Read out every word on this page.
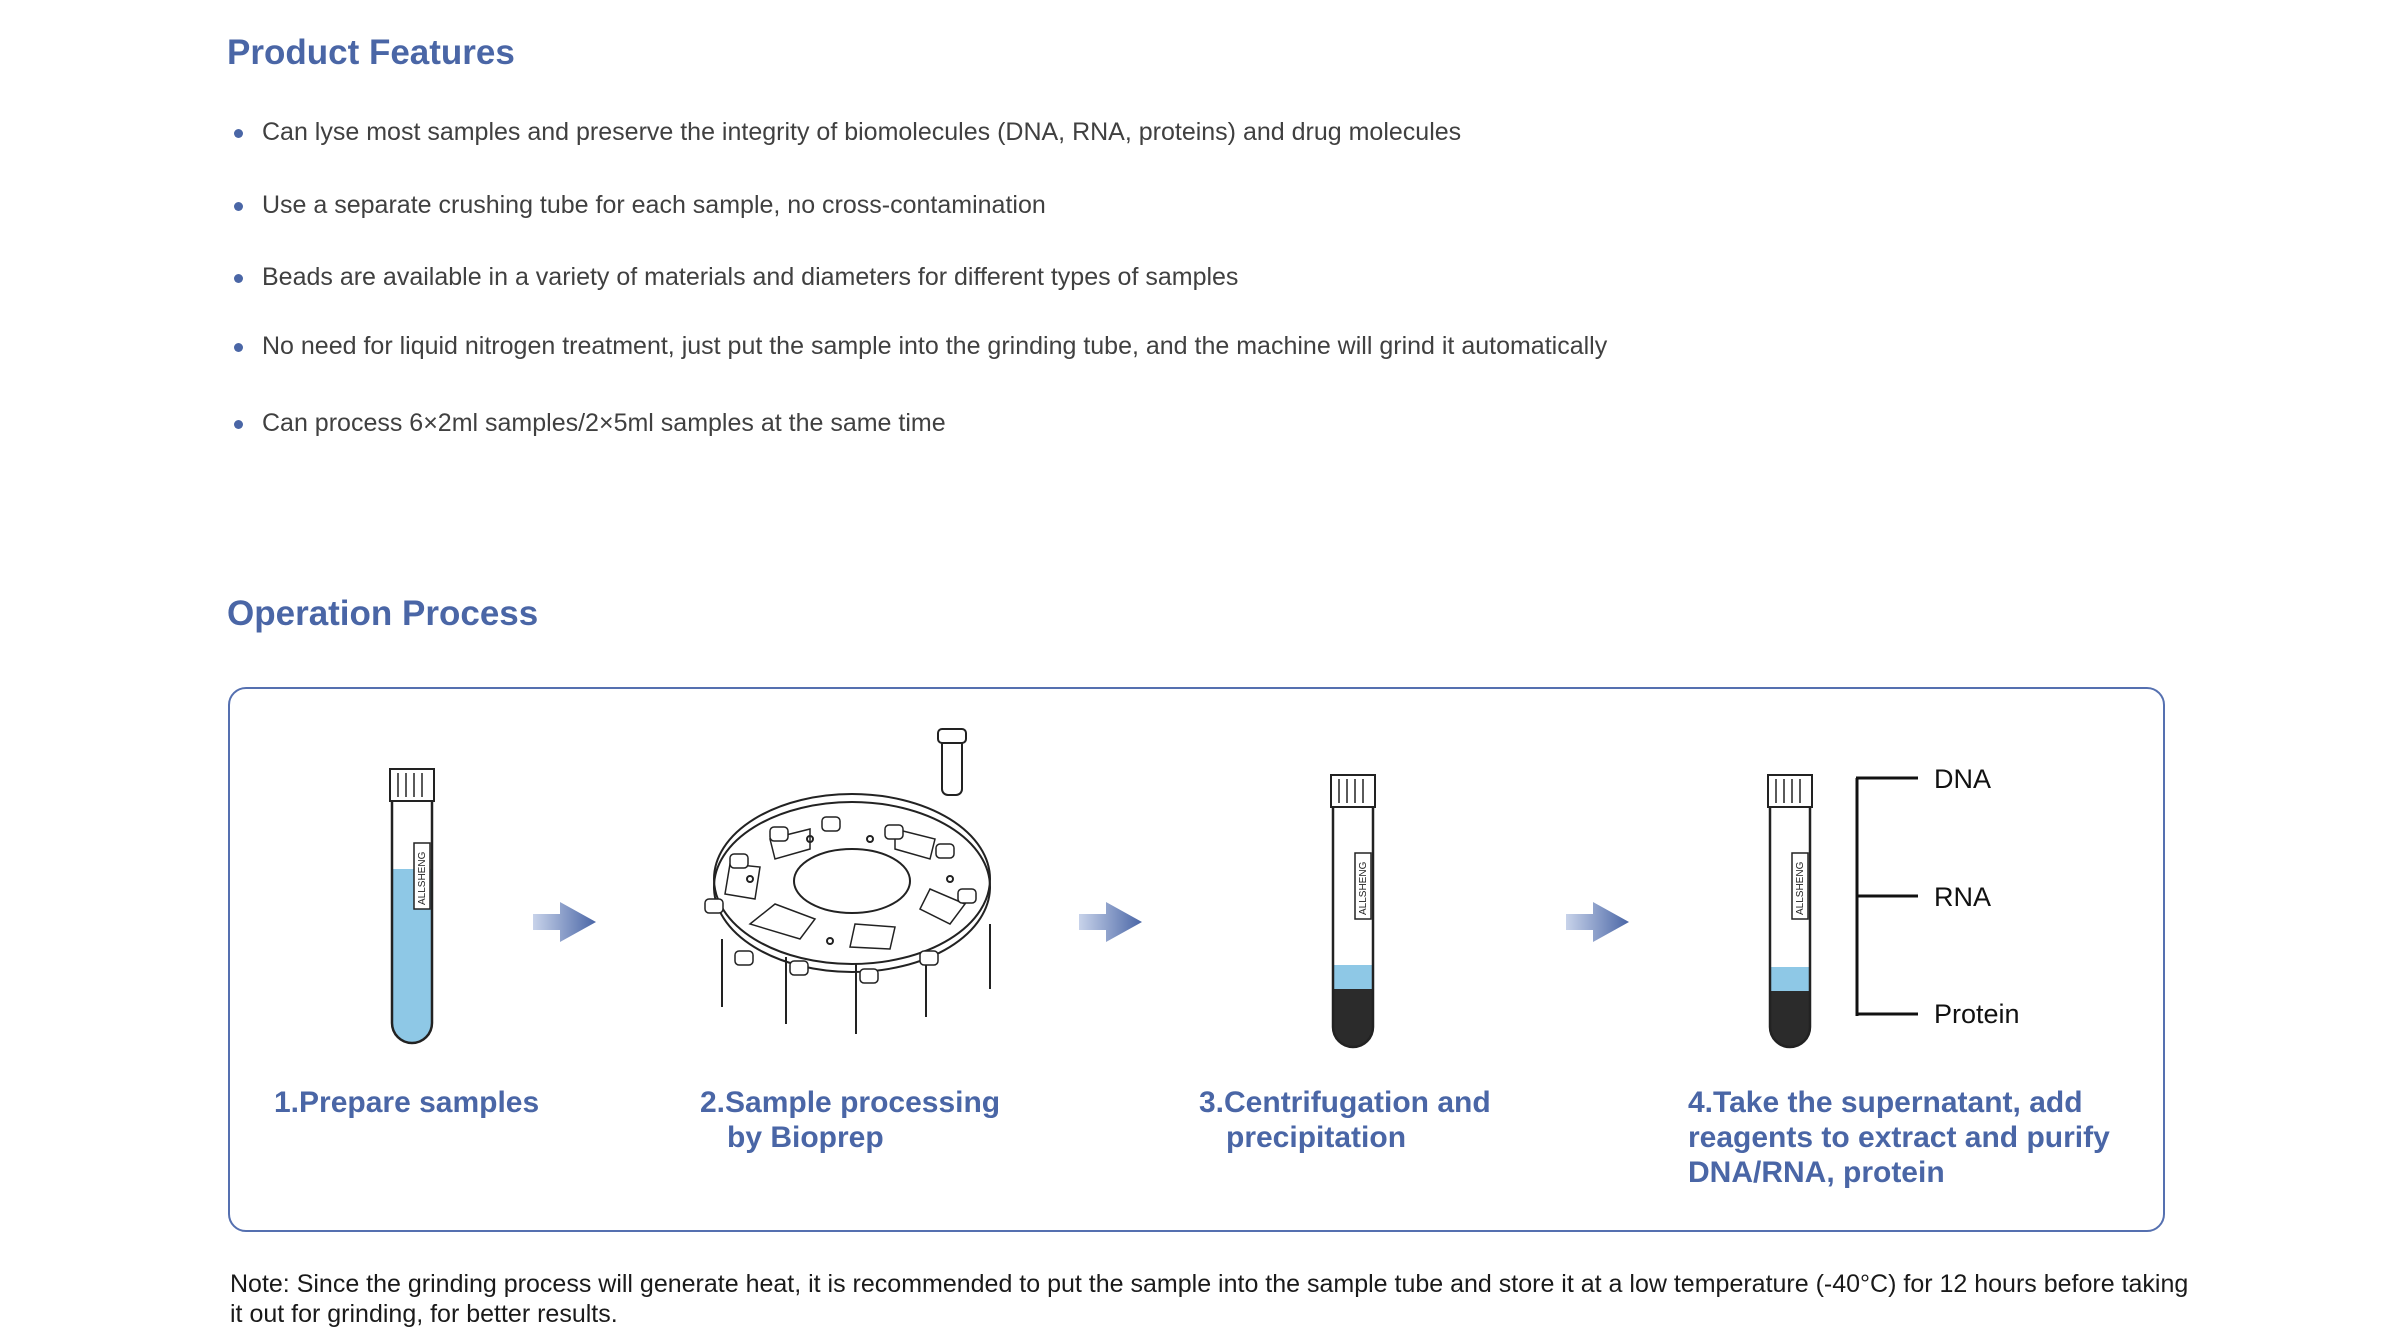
Product Features
Can lyse most samples and preserve the integrity of biomolecules (DNA, RNA, proteins) and drug molecules
Use a separate crushing tube for each sample, no cross-contamination
Beads are available in a variety of materials and diameters for different types of samples
No need for liquid nitrogen treatment, just put the sample into the grinding tube, and the machine will grind it automatically
Can process 6×2ml samples/2×5ml samples at the same time
Operation Process
ALLSHENG	ALLSHENG	ALLSHENG
DNA
RNA
Protein
1.Prepare samples	2.Sample processing
by Bioprep
3.Centrifugation and
precipitation
4.Take the supernatant, add
reagents to extract and purify
DNA/RNA, protein

Note: Since the grinding process will generate heat, it is recommended to put the sample into the sample tube and store it at a low temperature (-40°C) for 12 hours before taking it out for grinding, for better results.
